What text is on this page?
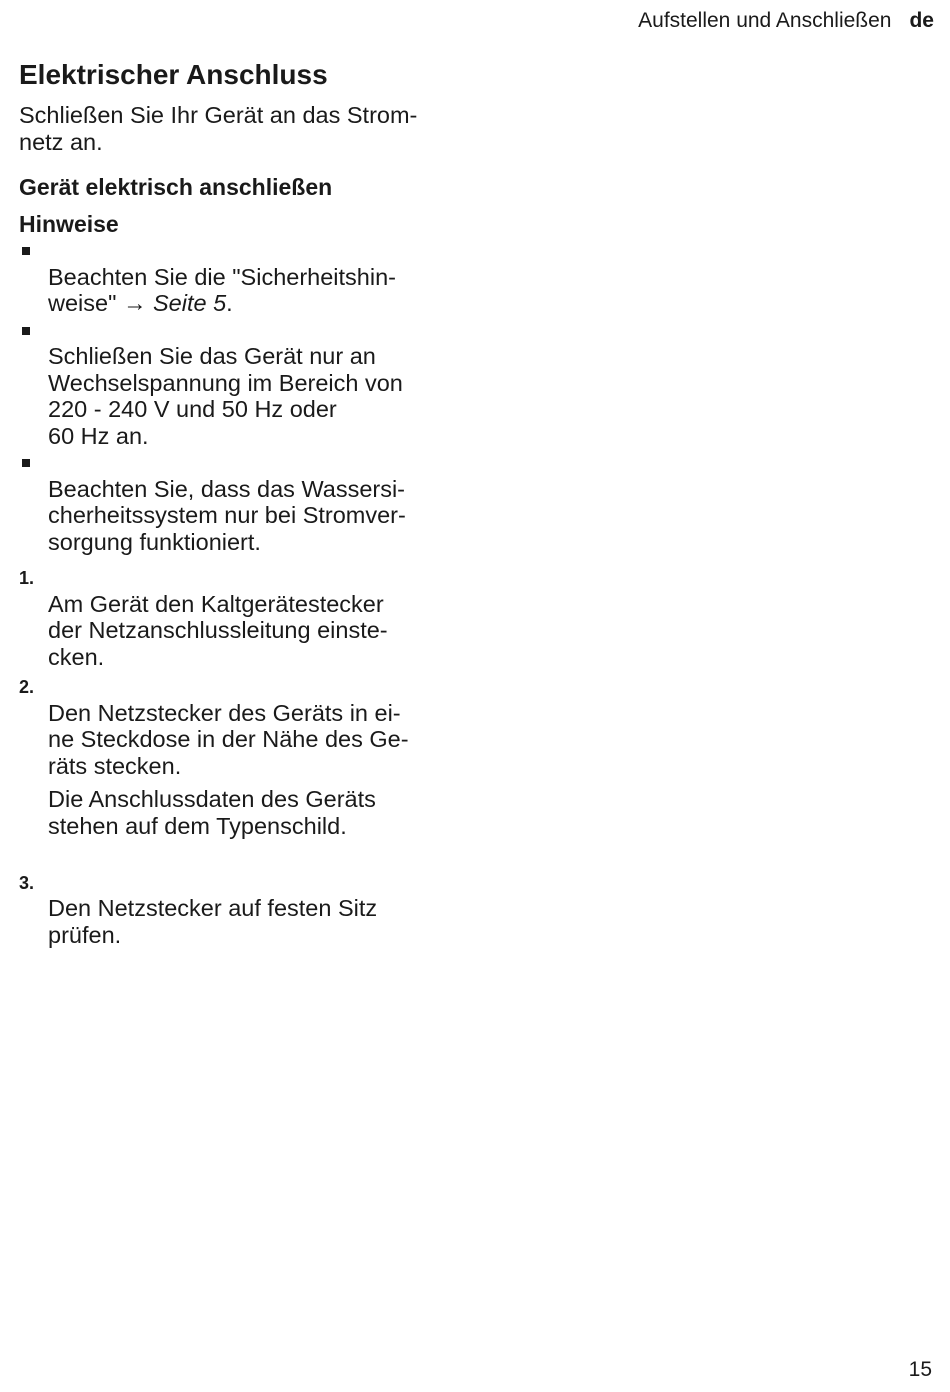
Aufstellen und Anschließen de
Elektrischer Anschluss

Schließen Sie Ihr Gerät an das Strom-
netz an.

Gerät elektrisch anschließen
Hinweise

Beachten Sie die "Sicherheitshin-
weise" → Seite 5.

Schließen Sie das Gerät nur an
Wechselspannung im Bereich von
220 - 240 V und 50 Hz oder
60 Hz an.

Beachten Sie, dass das Wassersi-
cherheitssystem nur bei Stromver-
sorgung funktioniert.

1.
Am Gerät den Kaltgerätestecker
der Netzanschlussleitung einste-
cken.

2.
Den Netzstecker des Geräts in ei-
ne Steckdose in der Nähe des Ge-
räts stecken.
Die Anschlussdaten des Geräts
stehen auf dem Typenschild.

3.
Den Netzstecker auf festen Sitz
prüfen.

15
